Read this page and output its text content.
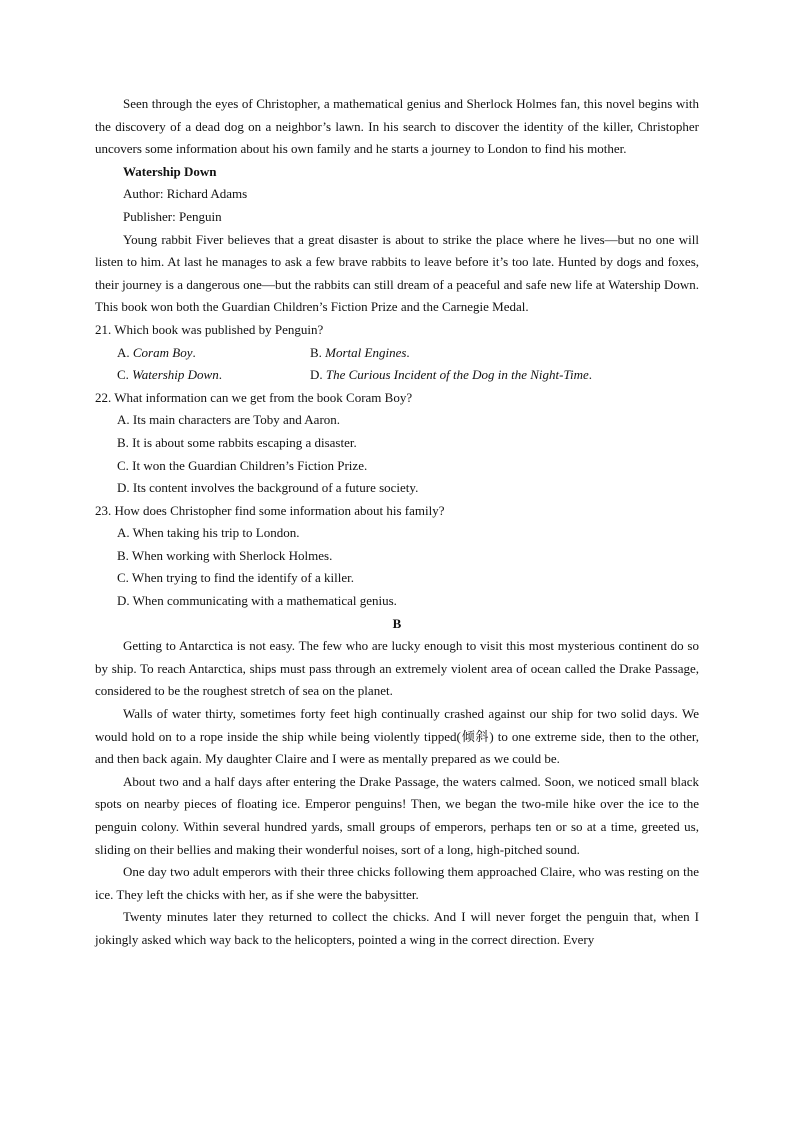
Seen through the eyes of Christopher, a mathematical genius and Sherlock Holmes fan, this novel begins with the discovery of a dead dog on a neighbor’s lawn. In his search to discover the identity of the killer, Christopher uncovers some information about his own family and he starts a journey to London to find his mother.

Watership Down

Author: Richard Adams

Publisher: Penguin

Young rabbit Fiver believes that a great disaster is about to strike the place where he lives—but no one will listen to him. At last he manages to ask a few brave rabbits to leave before it’s too late. Hunted by dogs and foxes, their journey is a dangerous one—but the rabbits can still dream of a peaceful and safe new life at Watership Down. This book won both the Guardian Children’s Fiction Prize and the Carnegie Medal.

21. Which book was published by Penguin?

A. Coram Boy.	B. Mortal Engines.
C. Watership Down.	D. The Curious Incident of the Dog in the Night-Time.

22. What information can we get from the book Coram Boy?

A. Its main characters are Toby and Aaron.

B. It is about some rabbits escaping a disaster.

C. It won the Guardian Children’s Fiction Prize.

D. Its content involves the background of a future society.

23. How does Christopher find some information about his family?

A. When taking his trip to London.

B. When working with Sherlock Holmes.

C. When trying to find the identify of a killer.

D. When communicating with a mathematical genius.

B

Getting to Antarctica is not easy. The few who are lucky enough to visit this most mysterious continent do so by ship. To reach Antarctica, ships must pass through an extremely violent area of ocean called the Drake Passage, considered to be the roughest stretch of sea on the planet.

Walls of water thirty, sometimes forty feet high continually crashed against our ship for two solid days. We would hold on to a rope inside the ship while being violently tipped(倾斜) to one extreme side, then to the other, and then back again. My daughter Claire and I were as mentally prepared as we could be.

About two and a half days after entering the Drake Passage, the waters calmed. Soon, we noticed small black spots on nearby pieces of floating ice. Emperor penguins! Then, we began the two-mile hike over the ice to the penguin colony. Within several hundred yards, small groups of emperors, perhaps ten or so at a time, greeted us, sliding on their bellies and making their wonderful noises, sort of a long, high-pitched sound.

One day two adult emperors with their three chicks following them approached Claire, who was resting on the ice. They left the chicks with her, as if she were the babysitter.

Twenty minutes later they returned to collect the chicks. And I will never forget the penguin that, when I jokingly asked which way back to the helicopters, pointed a wing in the correct direction. Every
